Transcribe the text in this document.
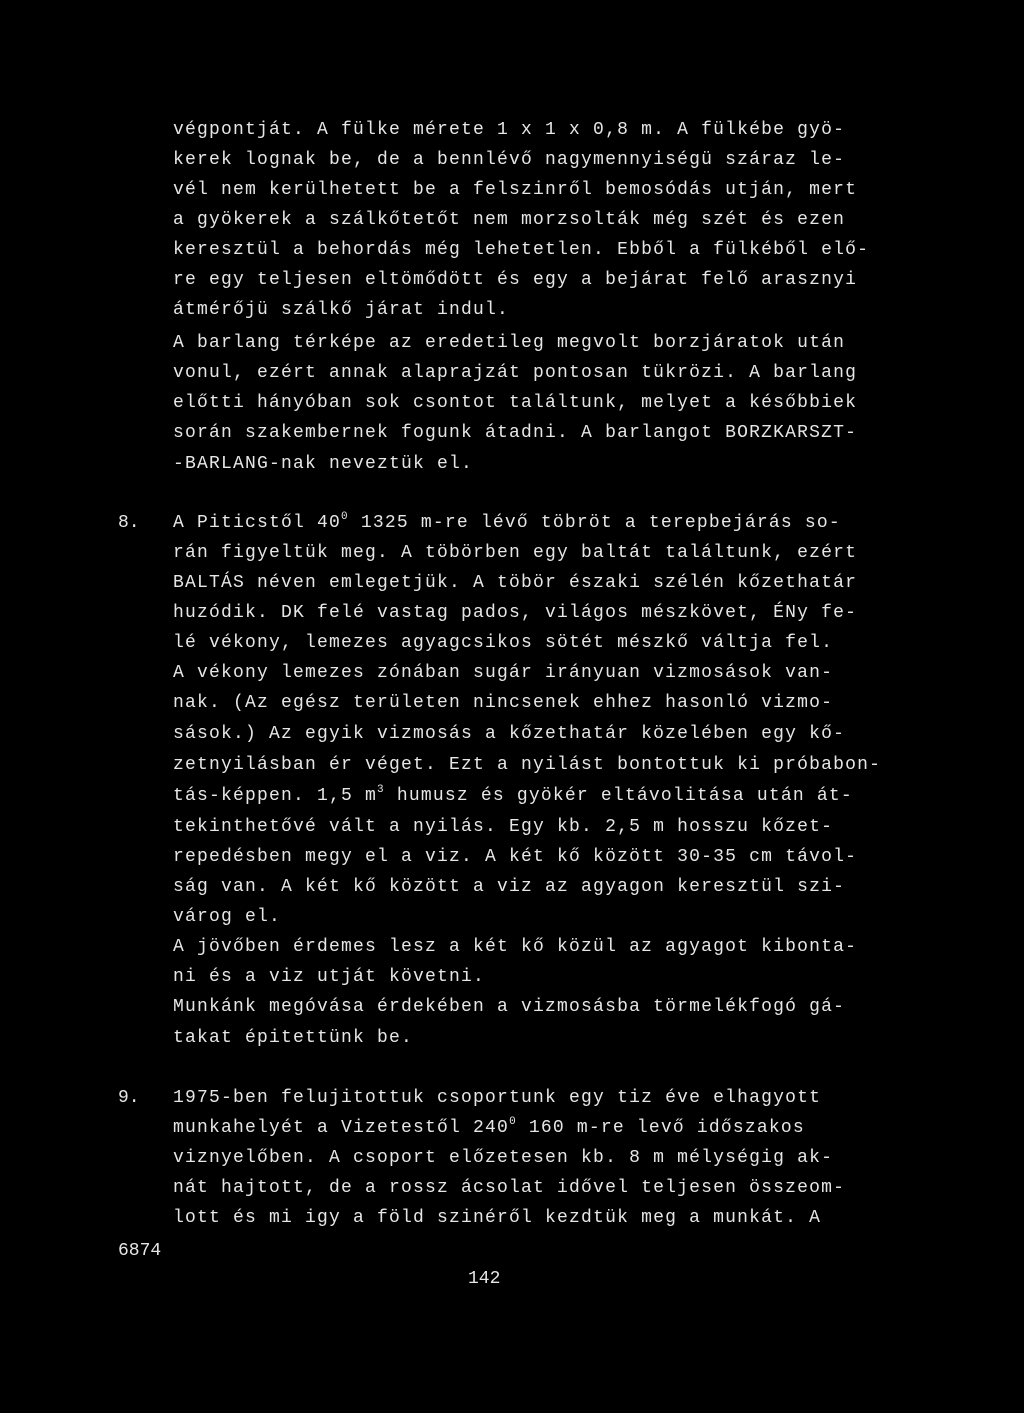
végpontját. A fülke mérete 1 x 1 x 0,8 m. A fülkébe gyö-
kerek lognak be, de a bennlévő nagymennyiségü száraz le-
vél nem kerülhetett be a felszinről bemosódás utján, mert
a gyökerek a szálkőtetőt nem morzsolták még szét és ezen
keresztül a behordás még lehetetlen. Ebből a fülkéből elő-
re egy teljesen eltömődött és egy a bejárat felő arasznyi
átmérőjü szálkő járat indul.
A barlang térképe az eredetileg megvolt borzjáratok után
vonul, ezért annak alaprajzát pontosan tükrözi. A barlang
előtti hányóban sok csontot találtunk, melyet a későbbiek
során szakembernek fogunk átadni. A barlangot BORZKARSZT-
-BARLANG-nak neveztük el.
8. A Piticstől $40^0$ 1325 m-re lévő töbröt a terepbejárás so-
rán figyeltük meg. A töbörben egy baltát találtunk, ezért
BALTÁS néven emlegetjük. A töbör északi szélén kőzethatár
huzódik. DK felé vastag pados, világos mészkövet, ÉNy fe-
lé vékony, lemezes agyagcsikos sötét mészkő váltja fel.
A vékony lemezes zónában sugár irányuan vizmosások van-
nak. (Az egész területen nincsenek ehhez hasonló vizmo-
sások.) Az egyik vizmosás a kőzethatár közelében egy kő-
zetnyilásban ér véget. Ezt a nyilást bontottuk ki próbabon-
tás-képpen. 1,5 $m^3$ humusz és gyökér eltávolitása után át-
tekinthetővé vált a nyilás. Egy kb. 2,5 m hosszu kőzet-
repedésben megy el a viz. A két kő között 30-35 cm távol-
ság van. A két kő között a viz az agyagon keresztül szi-
várog el.
A jövőben érdemes lesz a két kő közül az agyagot kibonta-
ni és a viz utját követni.
Munkánk megóvása érdekében a vizmosásba törmelékfogó gá-
takat épitettünk be.
9. 1975-ben felujitottuk csoportunk egy tiz éve elhagyott
munkahelyét a Vizetestől $240^0$ 160 m-re levő időszakos
viznyelőben. A csoport előzetesen kb. 8 m mélységig ak-
nát hajtott, de a rossz ácsolat idővel teljesen összeom-
lott és mi igy a föld szinéről kezdtük meg a munkát. A
6874
142
